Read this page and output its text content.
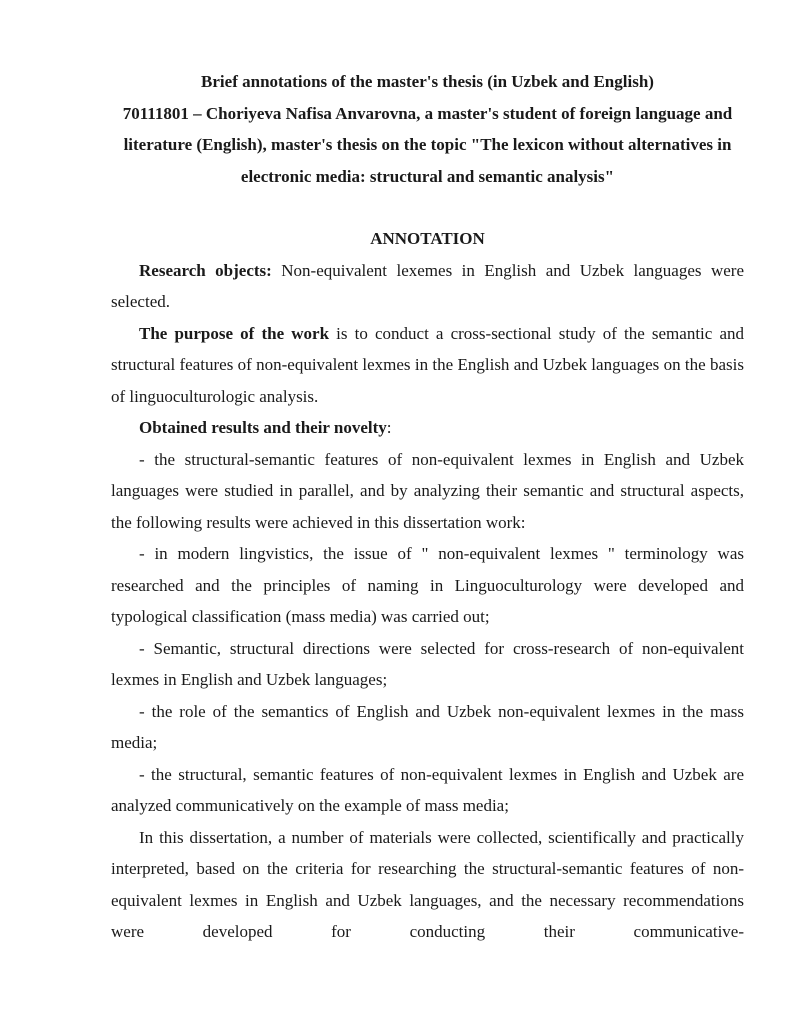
Brief annotations of the master's thesis (in Uzbek and English)
70111801 – Choriyeva Nafisa Anvarovna, a master's student of foreign language and literature (English), master's thesis on the topic "The lexicon without alternatives in electronic media: structural and semantic analysis"
ANNOTATION

Research objects: Non-equivalent lexemes in English and Uzbek languages were selected.

The purpose of the work is to conduct a cross-sectional study of the semantic and structural features of non-equivalent lexmes in the English and Uzbek languages on the basis of linguoculturologic analysis.

Obtained results and their novelty:

- the structural-semantic features of non-equivalent lexmes in English and Uzbek languages were studied in parallel, and by analyzing their semantic and structural aspects, the following results were achieved in this dissertation work:

- in modern lingvistics, the issue of " non-equivalent lexmes " terminology was researched and the principles of naming in Linguoculturology were developed and typological classification (mass media) was carried out;

- Semantic, structural directions were selected for cross-research of non-equivalent lexmes in English and Uzbek languages;

- the role of the semantics of English and Uzbek non-equivalent lexmes in the mass media;

- the structural, semantic features of non-equivalent lexmes in English and Uzbek are analyzed communicatively on the example of mass media;

In this dissertation, a number of materials were collected, scientifically and practically interpreted, based on the criteria for researching the structural-semantic features of non-equivalent lexmes in English and Uzbek languages, and the necessary recommendations were developed for conducting their communicative-
